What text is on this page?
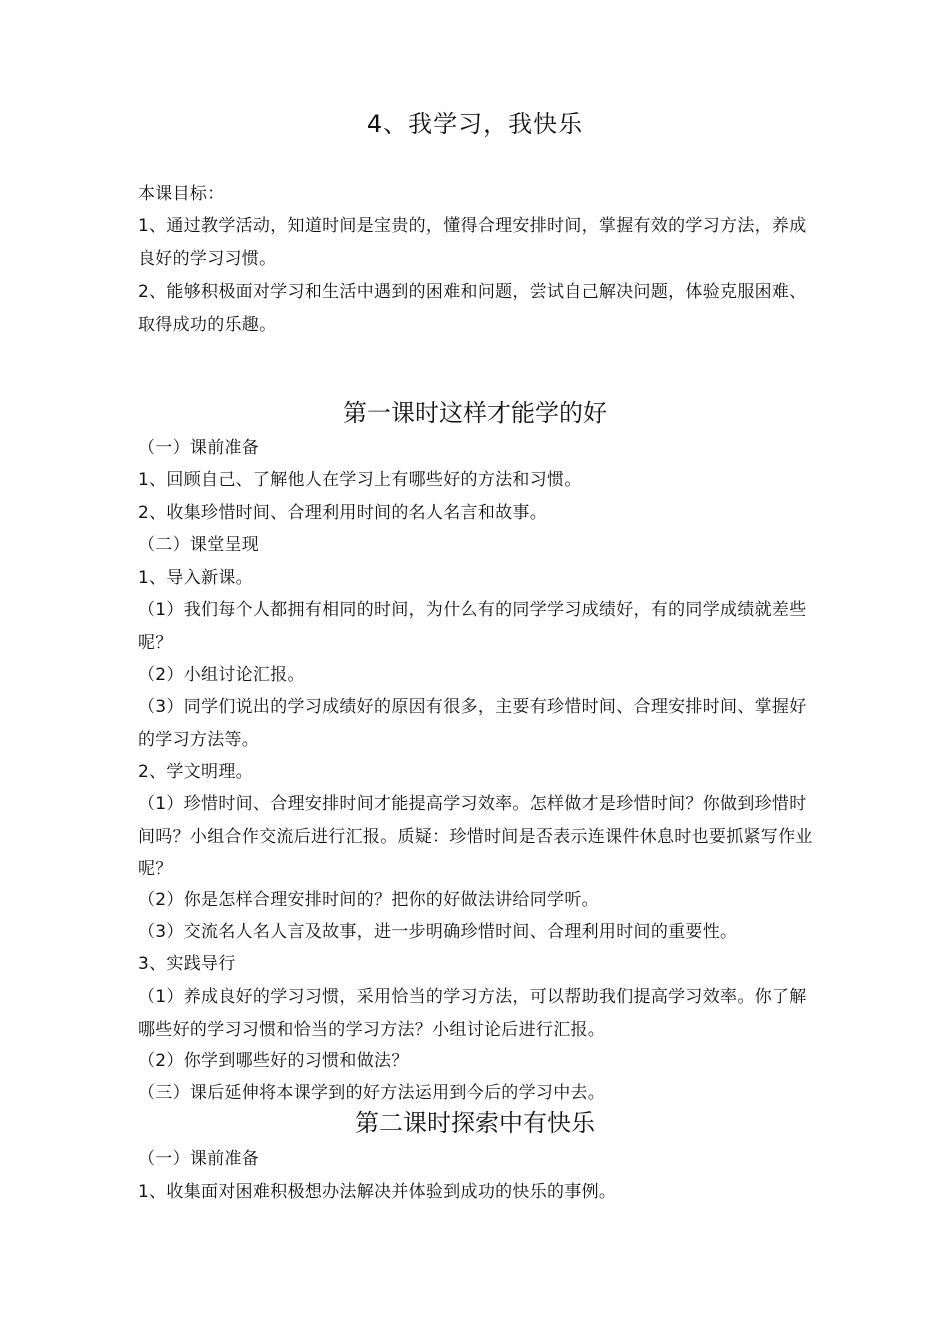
4、我学习，我快乐

本课目标：

1、通过教学活动，知道时间是宝贵的，懂得合理安排时间，掌握有效的学习方法，养成良好的学习习惯。

2、能够积极面对学习和生活中遇到的困难和问题，尝试自己解决问题，体验克服困难、取得成功的乐趣。

第一课时这样才能学的好

（一）课前准备

1、回顾自己、了解他人在学习上有哪些好的方法和习惯。

2、收集珍惜时间、合理利用时间的名人名言和故事。

（二）课堂呈现

1、导入新课。

（1）我们每个人都拥有相同的时间，为什么有的同学学习成绩好，有的同学成绩就差些呢？

（2）小组讨论汇报。

（3）同学们说出的学习成绩好的原因有很多，主要有珍惜时间、合理安排时间、掌握好的学习方法等。

2、学文明理。

（1）珍惜时间、合理安排时间才能提高学习效率。怎样做才是珍惜时间？你做到珍惜时间吗？小组合作交流后进行汇报。质疑：珍惜时间是否表示连课件休息时也要抓紧写作业呢？

（2）你是怎样合理安排时间的？把你的好做法讲给同学听。

（3）交流名人名人言及故事，进一步明确珍惜时间、合理利用时间的重要性。

3、实践导行

（1）养成良好的学习习惯，采用恰当的学习方法，可以帮助我们提高学习效率。你了解哪些好的学习习惯和恰当的学习方法？小组讨论后进行汇报。

（2）你学到哪些好的习惯和做法？

（三）课后延伸将本课学到的好方法运用到今后的学习中去。

第二课时探索中有快乐

（一）课前准备

1、收集面对困难积极想办法解决并体验到成功的快乐的事例。
